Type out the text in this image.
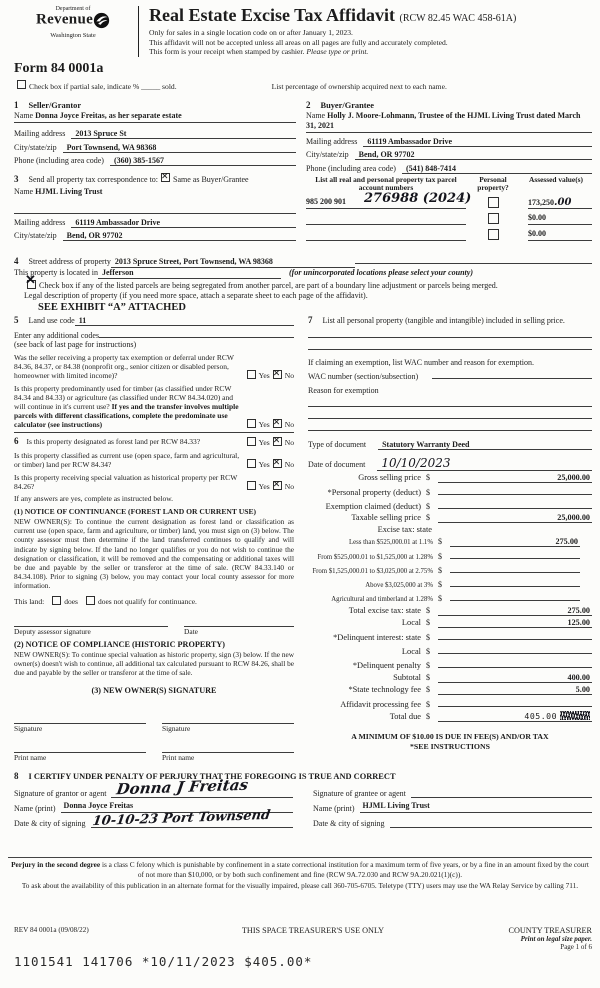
Department of
Revenue
Washington State
Real Estate Excise Tax Affidavit (RCW 82.45 WAC 458-61A)
Only for sales in a single location code on or after January 1, 2023.
This affidavit will not be accepted unless all areas on all pages are fully and accurately completed.
This form is your receipt when stamped by cashier. Please type or print.
Form 84 0001a
Check box if partial sale, indicate % _____ sold.	List percentage of ownership acquired next to each name.
1 Seller/Grantor
Name Donna Joyce Freitas, as her separate estate
Mailing address	2013 Spruce St
City/state/zip	Port Townsend, WA 98368
Phone (including area code)	(360) 385-1567
3 Send all property tax correspondence to: ✕ Same as Buyer/Grantee
Name HJML Living Trust
Mailing address	61119 Ambassador Drive
City/state/zip	Bend, OR 97702
2 Buyer/Grantee
Name Holly J. Moore-Lohmann, Trustee of the HJML Living Trust dated March 31, 2021
Mailing address	61119 Ambassador Drive
City/state/zip	Bend, OR 97702
Phone (including area code)	(541) 848-7414
List all real and personal property tax parcel account numbers
Personal property?
Assessed value(s)
985 200 901 276988 (2024)	173,250.00
$0.00
$0.00
4 Street address of property 2013 Spruce Street, Port Townsend, WA 98368
This property is located in Jefferson	(for unincorporated locations please select your county)
✕Check box if any of the listed parcels are being segregated from another parcel, are part of a boundary line adjustment or parcels being merged.
Legal description of property (if you need more space, attach a separate sheet to each page of the affidavit).
SEE EXHIBIT “A” ATTACHED
5 Land use code 11
Enter any additional codes
(see back of last page for instructions)
Was the seller receiving a property tax exemption or deferral under RCW 84.36, 84.37, or 84.38 (nonprofit org., senior citizen or disabled person, homeowner with limited income)?	Yes ✕ No
Is this property predominantly used for timber (as classified under RCW 84.34 and 84.33) or agriculture (as classified under RCW 84.34.020) and will continue in it's current use? If yes and the transfer involves multiple parcels with different classifications, complete the predominate use calculator (see instructions)	Yes ✕ No
6 Is this property designated as forest land per RCW 84.33?	Yes ✕ No
Is this property classified as current use (open space, farm and agricultural, or timber) land per RCW 84.34?	Yes ✕ No
Is this property receiving special valuation as historical property per RCW 84.26?	Yes ✕ No
If any answers are yes, complete as instructed below.
(1) NOTICE OF CONTINUANCE (FOREST LAND OR CURRENT USE)
NEW OWNER(S): To continue the current designation as forest land or classification as current use (open space, farm and agriculture, or timber) land, you must sign on (3) below. The county assessor must then determine if the land transferred continues to qualify and will indicate by signing below. If the land no longer qualifies or you do not wish to continue the designation or classification, it will be removed and the compensating or additional taxes will be due and payable by the seller or transferor at the time of sale. (RCW 84.33.140 or 84.34.108). Prior to signing (3) below, you may contact your local county assessor for more information.
This land:	does	does not qualify for continuance.
Deputy assessor signature	Date
(2) NOTICE OF COMPLIANCE (HISTORIC PROPERTY)
NEW OWNER(S): To continue special valuation as historic property, sign (3) below. If the new owner(s) doesn't wish to continue, all additional tax calculated pursuant to RCW 84.26, shall be due and payable by the seller or transferor at the time of sale.
(3) NEW OWNER(S) SIGNATURE
Signature	Signature
Print name	Print name
7 List all personal property (tangible and intangible) included in selling price.
If claiming an exemption, list WAC number and reason for exemption.
WAC number (section/subsection)
Reason for exemption
Type of document	Statutory Warranty Deed
Date of document	10/10/2023
Gross selling price $	25,000.00
*Personal property (deduct) $
Exemption claimed (deduct) $
Taxable selling price $	25,000.00
Excise tax: state
Less than $525,000.01 at 1.1% $	275.00
From $525,000.01 to $1,525,000 at 1.28% $
From $1,525,000.01 to $3,025,000 at 2.75% $
Above $3,025,000 at 3% $
Agricultural and timberland at 1.28% $
Total excise tax: state $	275.00
Local $	125.00
*Delinquent interest: state $
Local $
*Delinquent penalty $
Subtotal $	400.00
*State technology fee $	5.00
Affidavit processing fee $
Total due $	405.00
A MINIMUM OF $10.00 IS DUE IN FEE(S) AND/OR TAX
*SEE INSTRUCTIONS
8 I CERTIFY UNDER PENALTY OF PERJURY THAT THE FOREGOING IS TRUE AND CORRECT
Signature of grantor or agent Donna J Freitas
Name (print)	Donna Joyce Freitas
Date & city of signing 10-10-23 Port Townsend
Signature of grantee or agent
Name (print)	HJML Living Trust
Date & city of signing
Perjury in the second degree is a class C felony which is punishable by confinement in a state correctional institution for a maximum term of five years, or by a fine in an amount fixed by the court of not more than $10,000, or by both such confinement and fine (RCW 9A.72.030 and RCW 9A.20.021(1)(c)).
To ask about the availability of this publication in an alternate format for the visually impaired, please call 360-705-6705. Teletype (TTY) users may use the WA Relay Service by calling 711.
REV 84 0001a (09/08/22)	THIS SPACE TREASURER'S USE ONLY	COUNTY TREASURER
Print on legal size paper.
Page 1 of 6
1101541 141706 *10/11/2023 $405.00*
